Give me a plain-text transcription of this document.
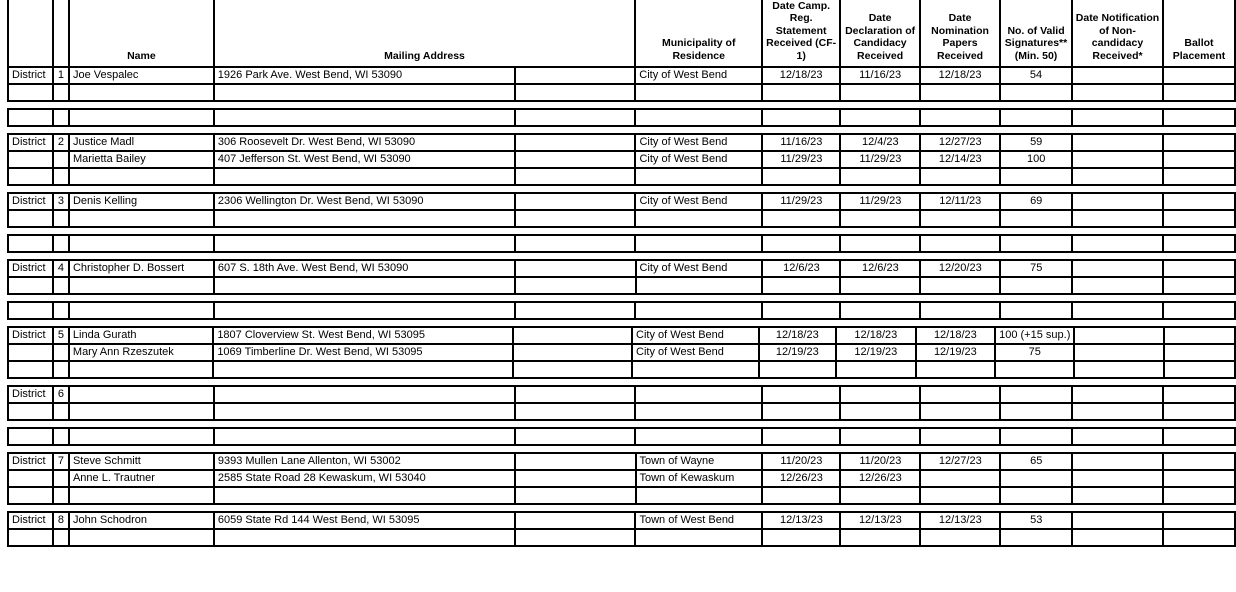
		Name	Mailing Address		Municipality of Residence	Date Camp. Reg. Statement Received (CF-1)	Date Declaration of Candidacy Received	Date Nomination Papers Received	No. of Valid Signatures** (Min. 50)	Date Notification of Non- candidacy Received*	Ballot Placement
District	1	Joe Vespalec	1926 Park Ave. West Bend, WI 53090		City of West Bend	12/18/23	11/16/23	12/18/23	54		

District	2	Justice Madl	306 Roosevelt Dr. West Bend, WI 53090		City of West Bend	11/16/23	12/4/23	12/27/23	59		
		Marietta Bailey	407 Jefferson St. West Bend, WI 53090		City of West Bend	11/29/23	11/29/23	12/14/23	100		

District	3	Denis Kelling	2306 Wellington Dr. West Bend, WI 53090		City of West Bend	11/29/23	11/29/23	12/11/23	69		

District	4	Christopher D. Bossert	607 S. 18th Ave. West Bend, WI 53090		City of West Bend	12/6/23	12/6/23	12/20/23	75		

District	5	Linda Gurath	1807 Cloverview St. West Bend, WI 53095		City of West Bend	12/18/23	12/18/23	12/18/23	100 (+15 sup.)		
		Mary Ann Rzeszutek	1069 Timberline Dr. West Bend, WI 53095		City of West Bend	12/19/23	12/19/23	12/19/23	75		

District	6										

District	7	Steve Schmitt	9393 Mullen Lane Allenton, WI 53002		Town of Wayne	11/20/23	11/20/23	12/27/23	65		
		Anne L. Trautner	2585 State Road 28 Kewaskum, WI 53040		Town of Kewaskum	12/26/23	12/26/23				

District	8	John Schodron	6059 State Rd 144 West Bend, WI 53095		Town of West Bend	12/13/23	12/13/23	12/13/23	53		
